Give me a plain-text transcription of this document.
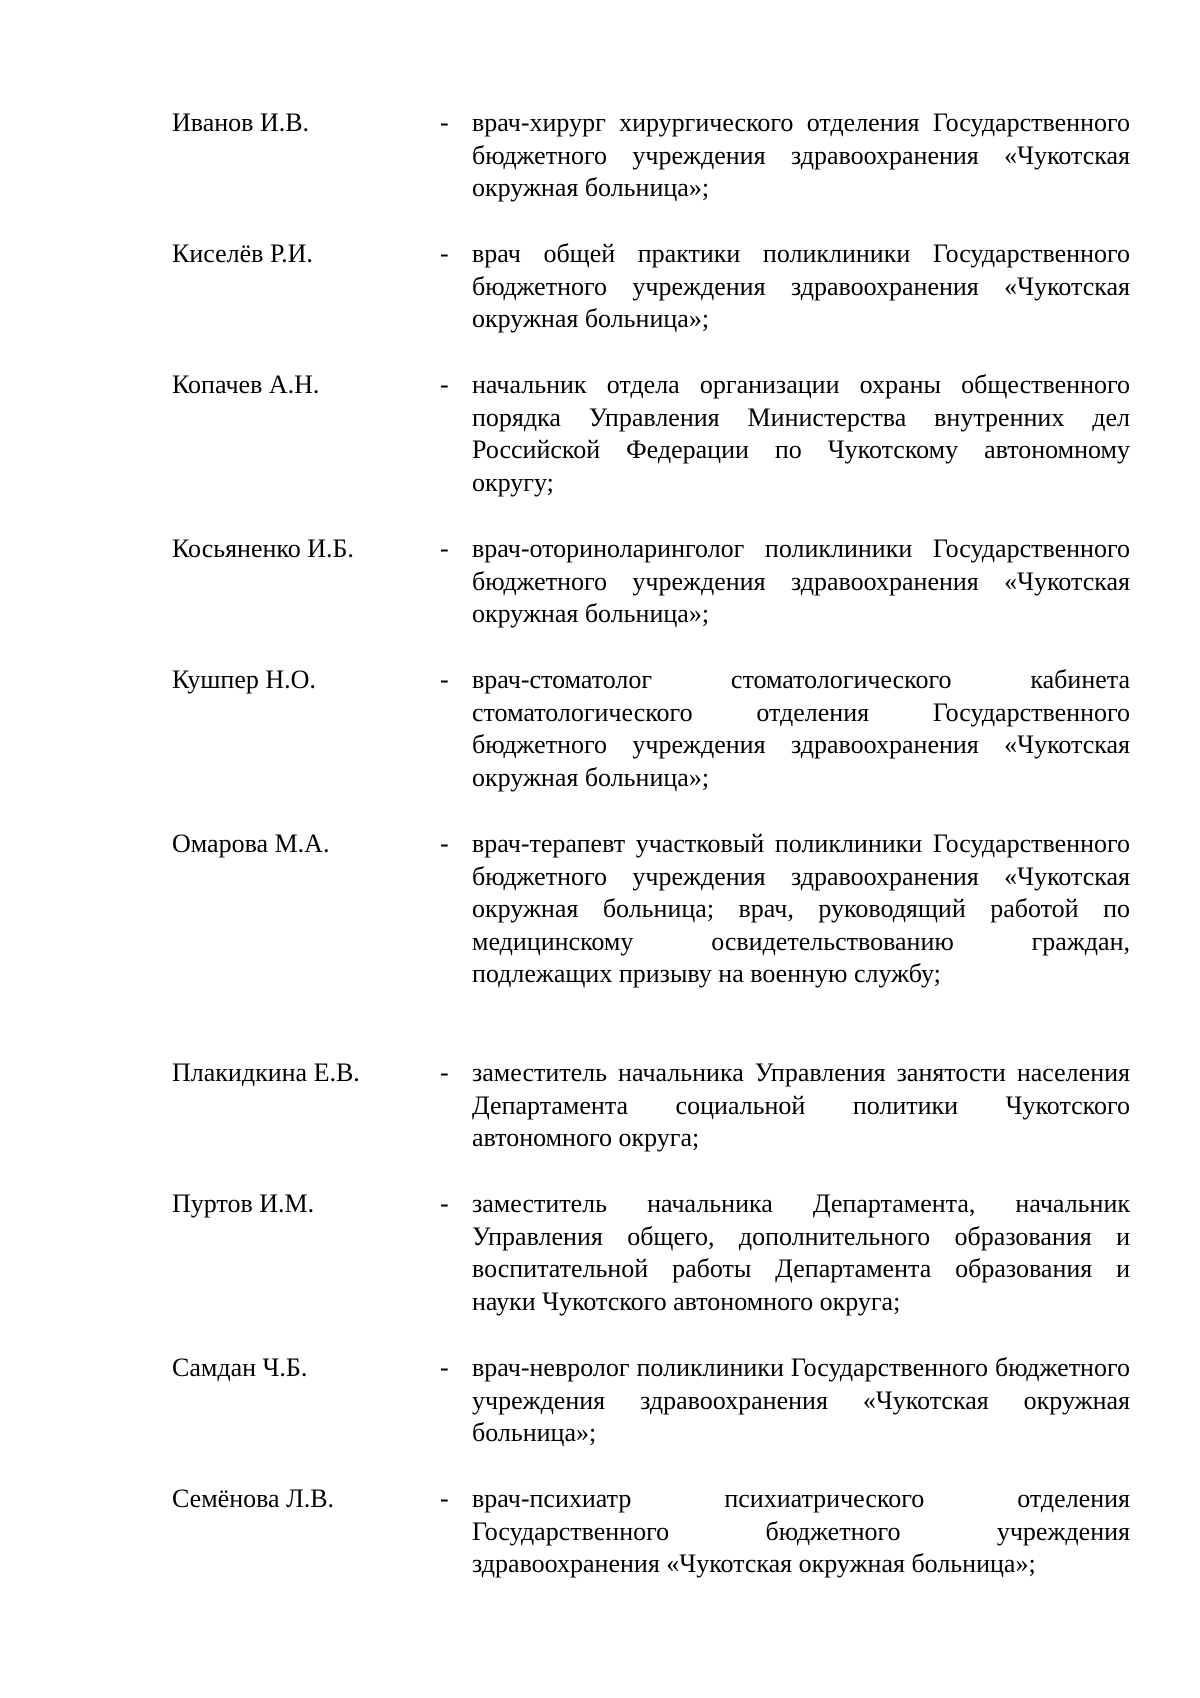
Иванов И.В.	- врач-хирург хирургического отделения Государственного бюджетного учреждения здравоохранения «Чукотская окружная больница»;
Киселёв Р.И.	- врач общей практики поликлиники Государственного бюджетного учреждения здравоохранения «Чукотская окружная больница»;
Копачев А.Н.	- начальник отдела организации охраны общественного порядка Управления Министерства внутренних дел Российской Федерации по Чукотскому автономному округу;
Косьяненко И.Б.	- врач-оториноларинголог поликлиники Государственного бюджетного учреждения здравоохранения «Чукотская окружная больница»;
Кушпер Н.О.	- врач-стоматолог стоматологического кабинета стоматологического отделения Государственного бюджетного учреждения здравоохранения «Чукотская окружная больница»;
Омарова М.А.	- врач-терапевт участковый поликлиники Государственного бюджетного учреждения здравоохранения «Чукотская окружная больница; врач, руководящий работой по медицинскому освидетельствованию граждан, подлежащих призыву на военную службу;
Плакидкина Е.В.	- заместитель начальника Управления занятости населения Департамента социальной политики Чукотского автономного округа;
Пуртов И.М.	- заместитель начальника Департамента, начальник Управления общего, дополнительного образования и воспитательной работы Департамента образования и науки Чукотского автономного округа;
Самдан Ч.Б.	- врач-невролог поликлиники Государственного бюджетного учреждения здравоохранения «Чукотская окружная больница»;
Семёнова Л.В.	- врач-психиатр психиатрического отделения Государственного бюджетного учреждения здравоохранения «Чукотская окружная больница»;
